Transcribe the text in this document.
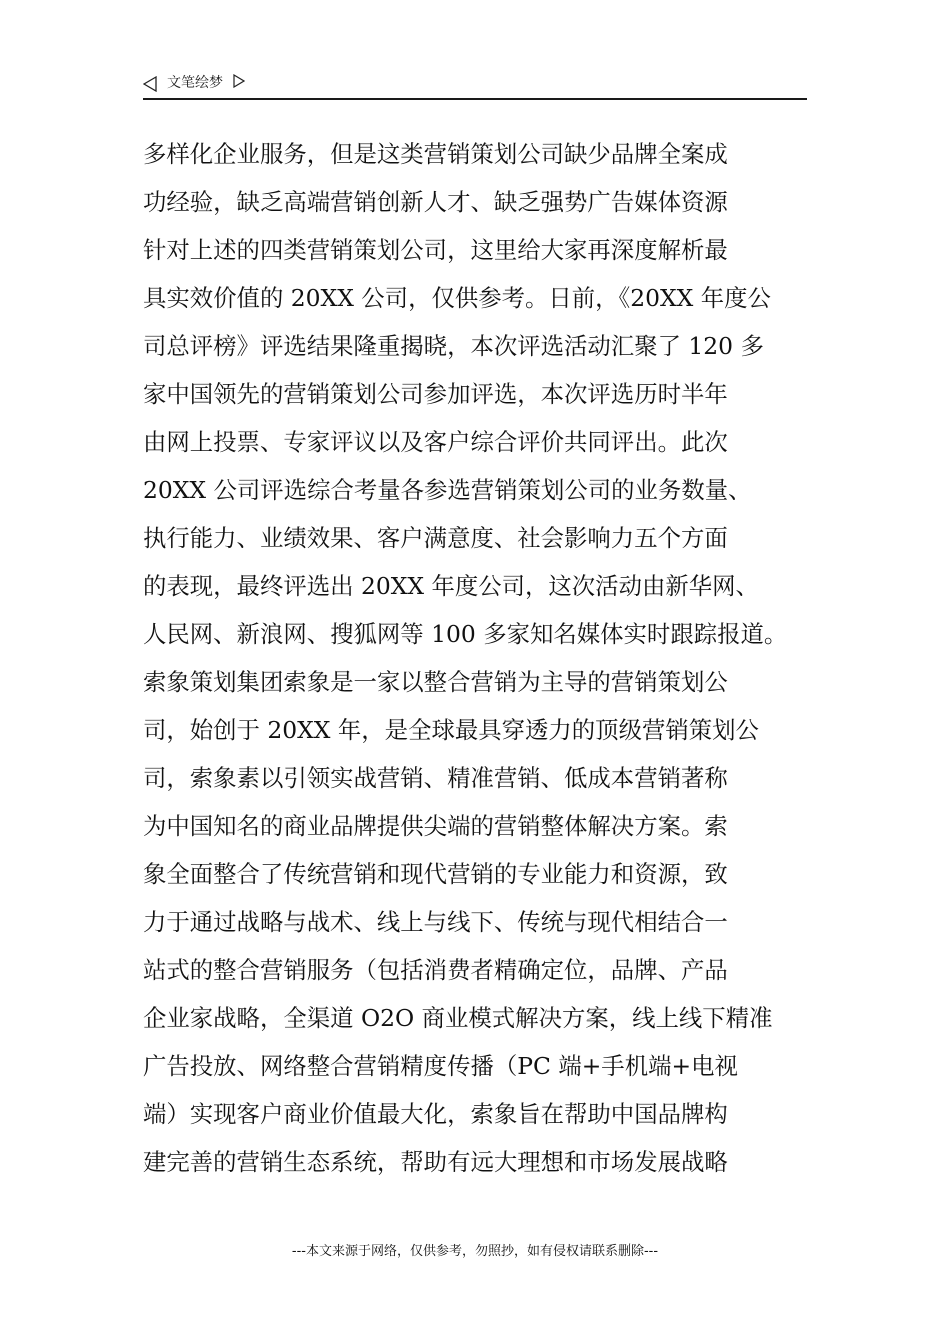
文笔绘梦
多样化企业服务，但是这类营销策划公司缺少品牌全案成
功经验，缺乏高端营销创新人才、缺乏强势广告媒体资源
针对上述的四类营销策划公司，这里给大家再深度解析最
具实效价值的 20XX 公司，仅供参考。日前，《20XX 年度公
司总评榜》评选结果隆重揭晓，本次评选活动汇聚了 120 多
家中国领先的营销策划公司参加评选，本次评选历时半年
由网上投票、专家评议以及客户综合评价共同评出。此次
20XX 公司评选综合考量各参选营销策划公司的业务数量、
执行能力、业绩效果、客户满意度、社会影响力五个方面
的表现，最终评选出 20XX 年度公司，这次活动由新华网、
人民网、新浪网、搜狐网等 100 多家知名媒体实时跟踪报道。
索象策划集团索象是一家以整合营销为主导的营销策划公
司，始创于 20XX 年，是全球最具穿透力的顶级营销策划公
司，索象素以引领实战营销、精准营销、低成本营销著称
为中国知名的商业品牌提供尖端的营销整体解决方案。索
象全面整合了传统营销和现代营销的专业能力和资源，致
力于通过战略与战术、线上与线下、传统与现代相结合一
站式的整合营销服务（包括消费者精确定位，品牌、产品
企业家战略，全渠道 O2O 商业模式解决方案，线上线下精准
广告投放、网络整合营销精度传播（PC 端+手机端+电视
端）实现客户商业价值最大化，索象旨在帮助中国品牌构
建完善的营销生态系统，帮助有远大理想和市场发展战略
---本文来源于网络，仅供参考，勿照抄，如有侵权请联系删除---
